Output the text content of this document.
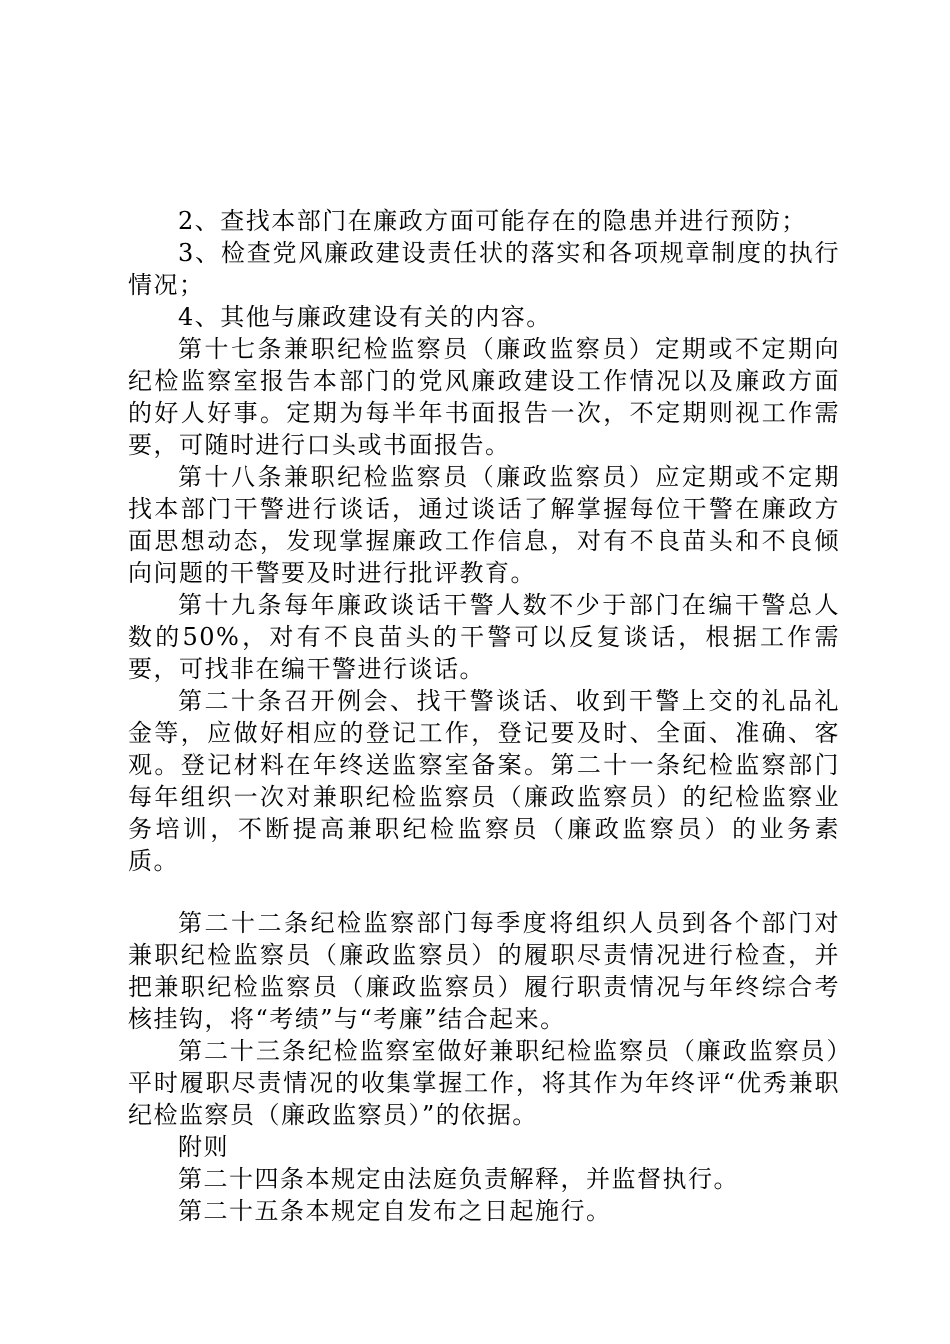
2、查找本部门在廉政方面可能存在的隐患并进行预防；

3、检查党风廉政建设责任状的落实和各项规章制度的执行情况；

4、其他与廉政建设有关的内容。

第十七条兼职纪检监察员（廉政监察员）定期或不定期向纪检监察室报告本部门的党风廉政建设工作情况以及廉政方面的好人好事。定期为每半年书面报告一次，不定期则视工作需要，可随时进行口头或书面报告。

第十八条兼职纪检监察员（廉政监察员）应定期或不定期找本部门干警进行谈话，通过谈话了解掌握每位干警在廉政方面思想动态，发现掌握廉政工作信息，对有不良苗头和不良倾向问题的干警要及时进行批评教育。

第十九条每年廉政谈话干警人数不少于部门在编干警总人数的50%，对有不良苗头的干警可以反复谈话，根据工作需要，可找非在编干警进行谈话。

第二十条召开例会、找干警谈话、收到干警上交的礼品礼金等，应做好相应的登记工作，登记要及时、全面、准确、客观。登记材料在年终送监察室备案。第二十一条纪检监察部门每年组织一次对兼职纪检监察员（廉政监察员）的纪检监察业务培训，不断提高兼职纪检监察员（廉政监察员）的业务素质。

第二十二条纪检监察部门每季度将组织人员到各个部门对兼职纪检监察员（廉政监察员）的履职尽责情况进行检查，并把兼职纪检监察员（廉政监察员）履行职责情况与年终综合考核挂钩，将“考绩”与“考廉”结合起来。

第二十三条纪检监察室做好兼职纪检监察员（廉政监察员）平时履职尽责情况的收集掌握工作，将其作为年终评“优秀兼职纪检监察员（廉政监察员）”的依据。

附则

第二十四条本规定由法庭负责解释，并监督执行。

第二十五条本规定自发布之日起施行。
